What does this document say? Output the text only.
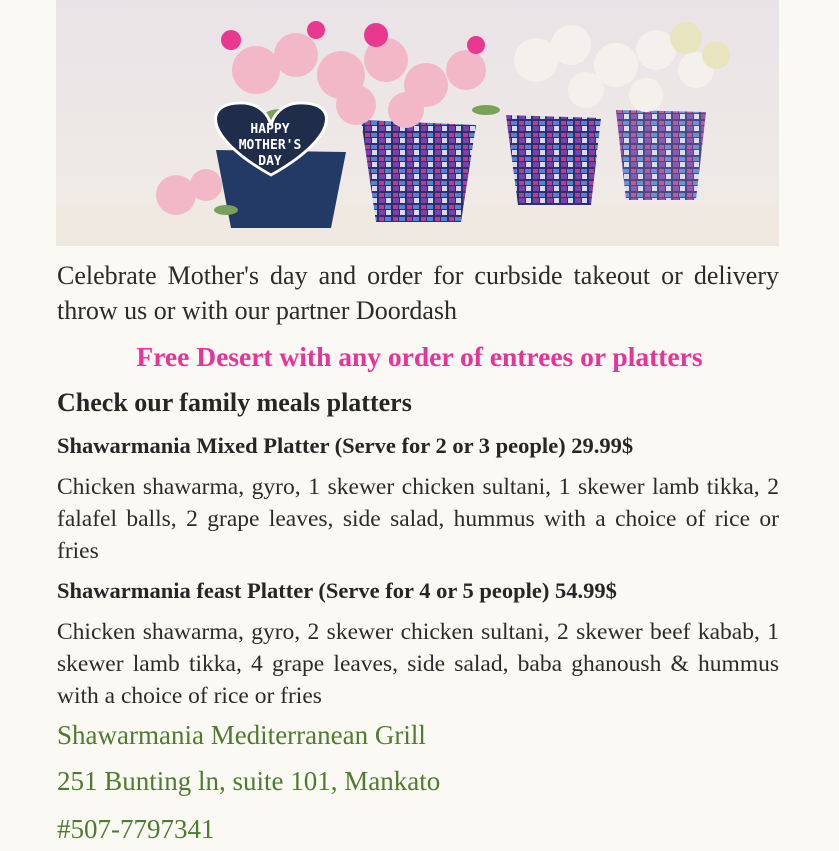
HAPPY
MOTHER'S
DAY
Celebrate Mother's day and order for curbside takeout or delivery throw us or with our partner Doordash
Free Desert with any order of entrees or platters
Check our family meals platters
Shawarmania Mixed Platter (Serve for 2 or 3 people) 29.99$
Chicken shawarma, gyro, 1 skewer chicken sultani, 1 skewer lamb tikka, 2 falafel balls, 2 grape leaves, side salad, hummus with a choice of rice or fries
Shawarmania feast Platter (Serve for 4 or 5 people) 54.99$
Chicken shawarma, gyro, 2 skewer chicken sultani, 2 skewer beef kabab, 1 skewer lamb tikka, 4 grape leaves, side salad, baba ghanoush & hummus with a choice of rice or fries
Shawarmania Mediterranean Grill
251 Bunting ln, suite 101, Mankato
#507-7797341
